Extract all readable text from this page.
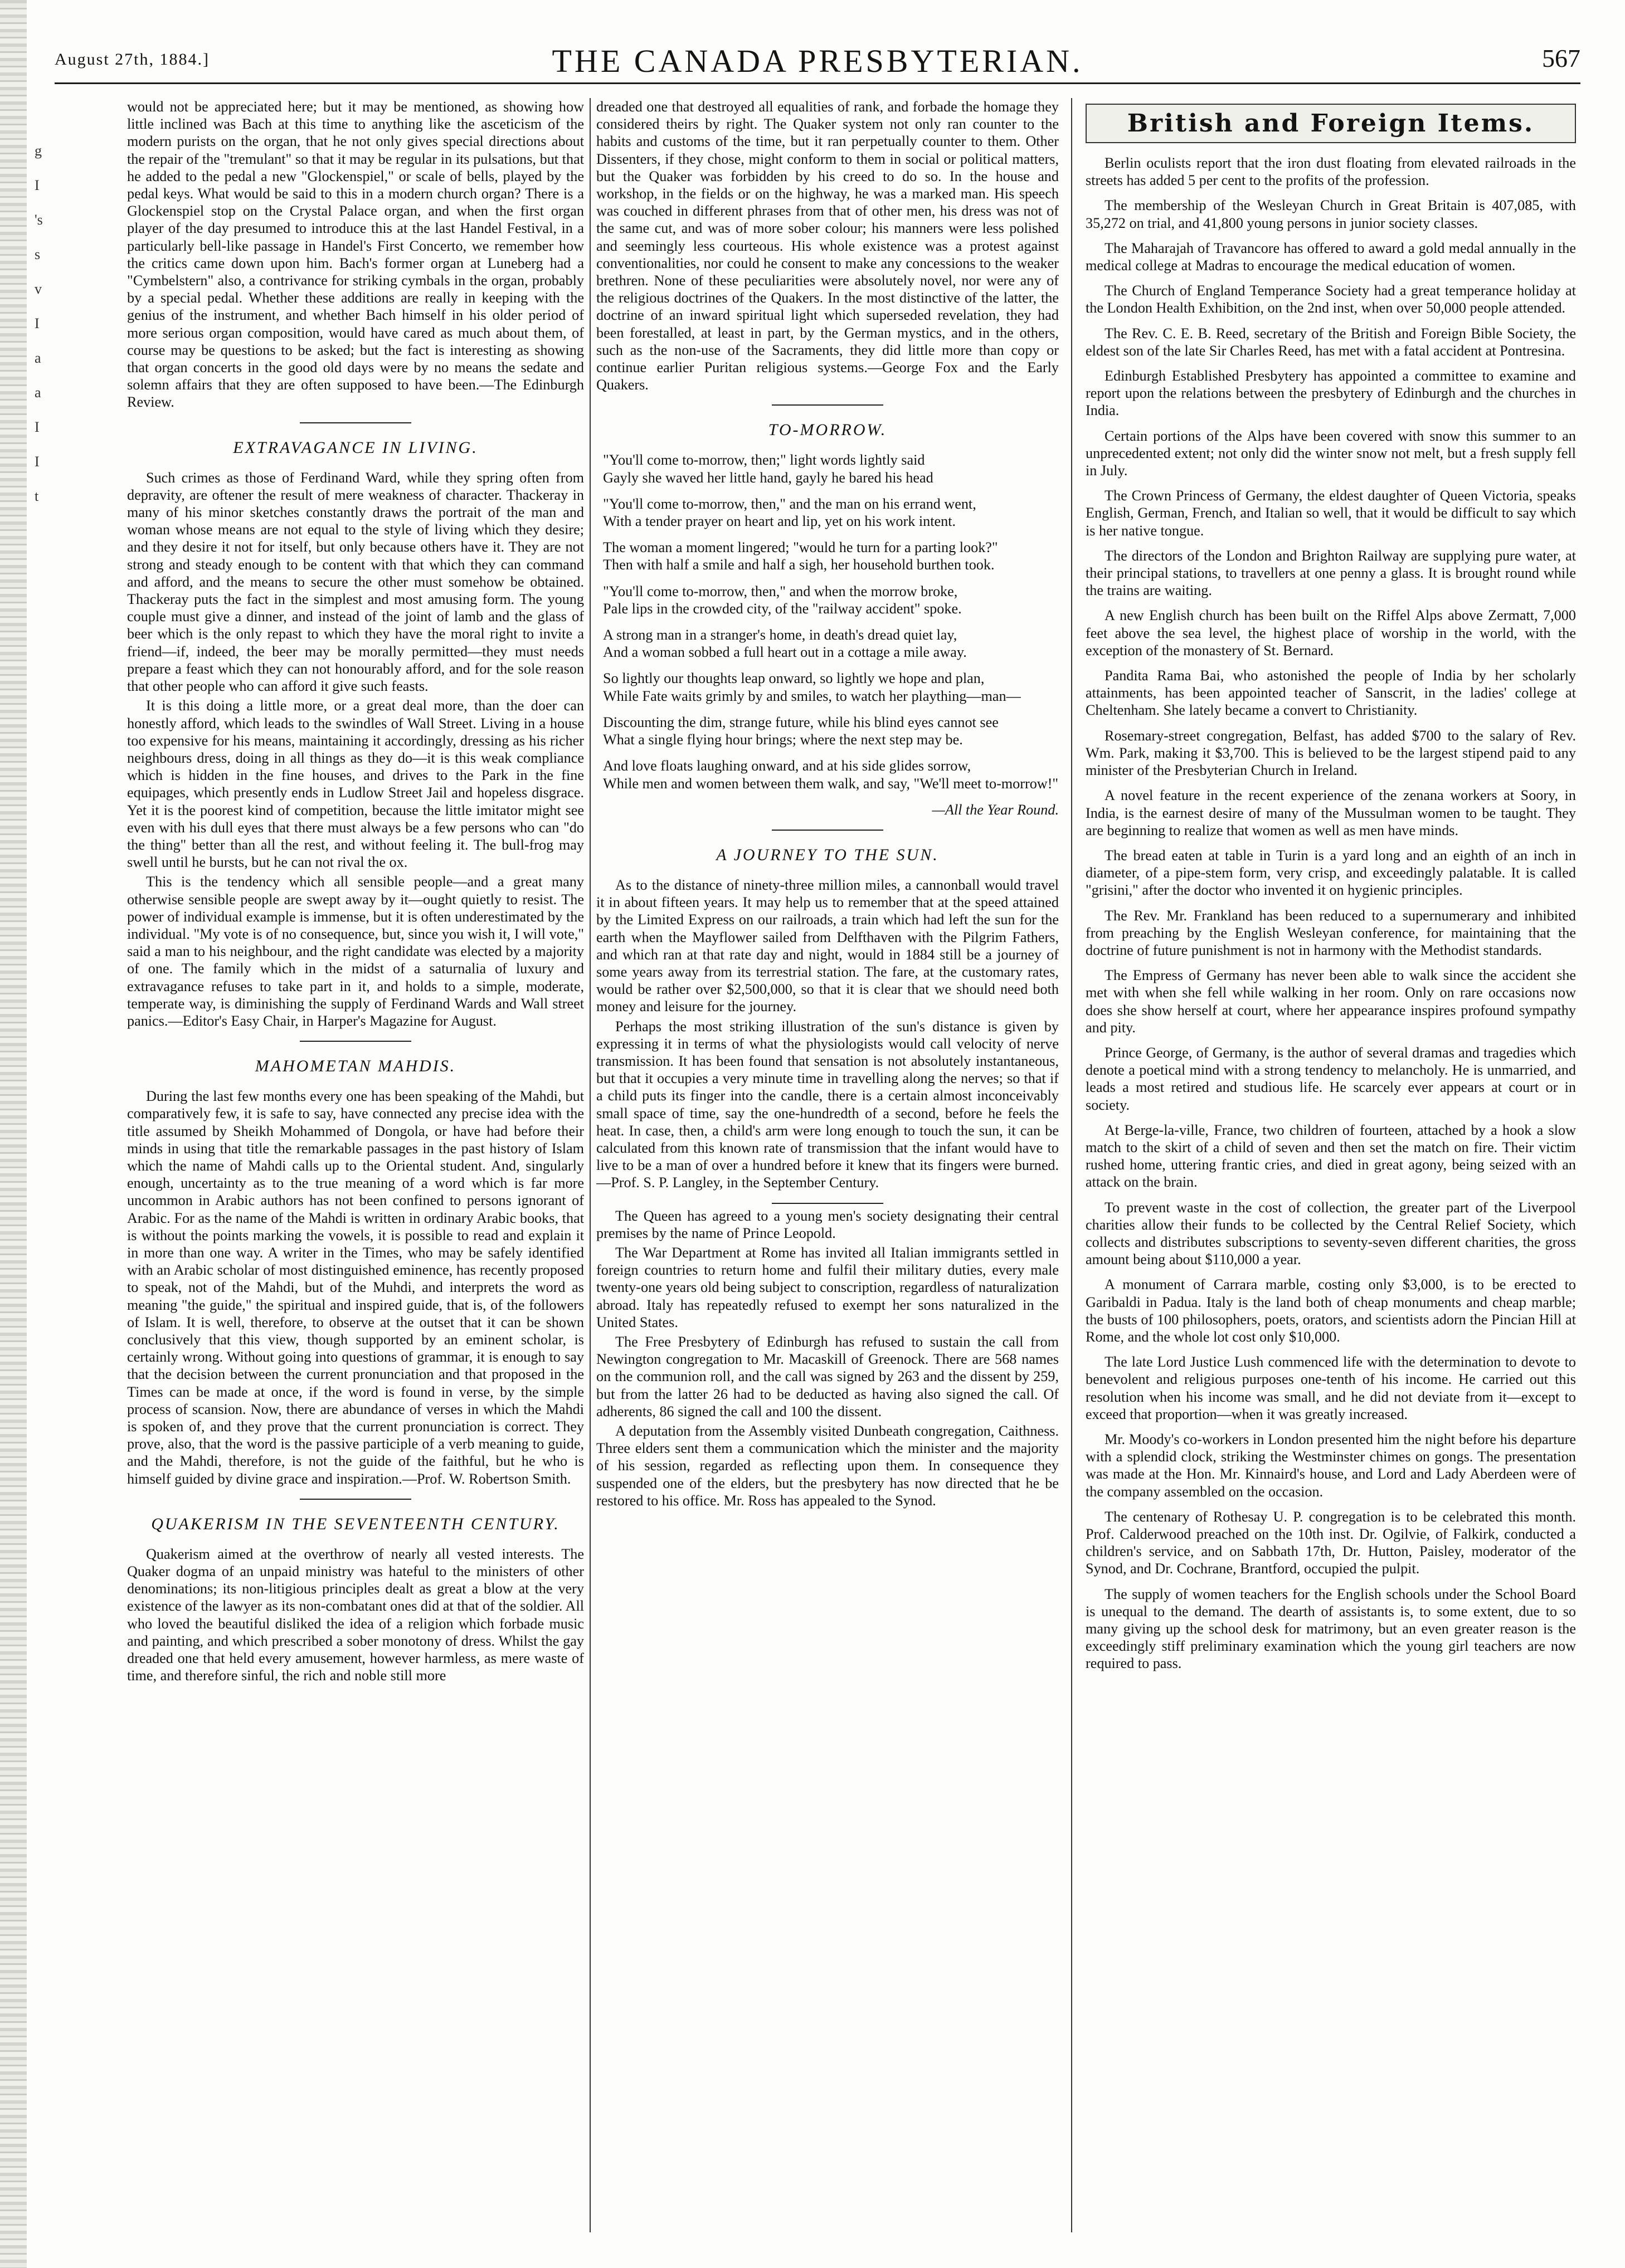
g
I
's
s
v
I
a
a
I
I
t
August 27th, 1884.]	THE CANADA PRESBYTERIAN.	567

would not be appreciated here; but it may be mentioned, as showing how little inclined was Bach at this time to anything like the asceticism of the modern purists on the organ, that he not only gives special directions about the repair of the "tremulant" so that it may be regular in its pulsations, but that he added to the pedal a new "Glockenspiel," or scale of bells, played by the pedal keys. What would be said to this in a modern church organ? There is a Glockenspiel stop on the Crystal Palace organ, and when the first organ player of the day presumed to introduce this at the last Handel Festival, in a particularly bell-like passage in Handel's First Concerto, we remember how the critics came down upon him. Bach's former organ at Luneberg had a "Cymbelstern" also, a contrivance for striking cymbals in the organ, probably by a special pedal. Whether these additions are really in keeping with the genius of the instrument, and whether Bach himself in his older period of more serious organ composition, would have cared as much about them, of course may be questions to be asked; but the fact is interesting as showing that organ concerts in the good old days were by no means the sedate and solemn affairs that they are often supposed to have been.—The Edinburgh Review.

EXTRAVAGANCE IN LIVING.

Such crimes as those of Ferdinand Ward, while they spring often from depravity, are oftener the result of mere weakness of character. Thackeray in many of his minor sketches constantly draws the portrait of the man and woman whose means are not equal to the style of living which they desire; and they desire it not for itself, but only because others have it. They are not strong and steady enough to be content with that which they can command and afford, and the means to secure the other must somehow be obtained. Thackeray puts the fact in the simplest and most amusing form. The young couple must give a dinner, and instead of the joint of lamb and the glass of beer which is the only repast to which they have the moral right to invite a friend—if, indeed, the beer may be morally permitted—they must needs prepare a feast which they can not honourably afford, and for the sole reason that other people who can afford it give such feasts.

It is this doing a little more, or a great deal more, than the doer can honestly afford, which leads to the swindles of Wall Street. Living in a house too expensive for his means, maintaining it accordingly, dressing as his richer neighbours dress, doing in all things as they do—it is this weak compliance which is hidden in the fine houses, and drives to the Park in the fine equipages, which presently ends in Ludlow Street Jail and hopeless disgrace. Yet it is the poorest kind of competition, because the little imitator might see even with his dull eyes that there must always be a few persons who can "do the thing" better than all the rest, and without feeling it. The bull-frog may swell until he bursts, but he can not rival the ox.

This is the tendency which all sensible people—and a great many otherwise sensible people are swept away by it—ought quietly to resist. The power of individual example is immense, but it is often underestimated by the individual. "My vote is of no consequence, but, since you wish it, I will vote," said a man to his neighbour, and the right candidate was elected by a majority of one. The family which in the midst of a saturnalia of luxury and extravagance refuses to take part in it, and holds to a simple, moderate, temperate way, is diminishing the supply of Ferdinand Wards and Wall street panics.—Editor's Easy Chair, in Harper's Magazine for August.

MAHOMETAN MAHDIS.

During the last few months every one has been speaking of the Mahdi, but comparatively few, it is safe to say, have connected any precise idea with the title assumed by Sheikh Mohammed of Dongola, or have had before their minds in using that title the remarkable passages in the past history of Islam which the name of Mahdi calls up to the Oriental student. And, singularly enough, uncertainty as to the true meaning of a word which is far more uncommon in Arabic authors has not been confined to persons ignorant of Arabic. For as the name of the Mahdi is written in ordinary Arabic books, that is without the points marking the vowels, it is possible to read and explain it in more than one way. A writer in the Times, who may be safely identified with an Arabic scholar of most distinguished eminence, has recently proposed to speak, not of the Mahdi, but of the Muhdi, and interprets the word as meaning "the guide," the spiritual and inspired guide, that is, of the followers of Islam. It is well, therefore, to observe at the outset that it can be shown conclusively that this view, though supported by an eminent scholar, is certainly wrong. Without going into questions of grammar, it is enough to say that the decision between the current pronunciation and that proposed in the Times can be made at once, if the word is found in verse, by the simple process of scansion. Now, there are abundance of verses in which the Mahdi is spoken of, and they prove that the current pronunciation is correct. They prove, also, that the word is the passive participle of a verb meaning to guide, and the Mahdi, therefore, is not the guide of the faithful, but he who is himself guided by divine grace and inspiration.—Prof. W. Robertson Smith.

QUAKERISM IN THE SEVENTEENTH CENTURY.

Quakerism aimed at the overthrow of nearly all vested interests. The Quaker dogma of an unpaid ministry was hateful to the ministers of other denominations; its non-litigious principles dealt as great a blow at the very existence of the lawyer as its non-combatant ones did at that of the soldier. All who loved the beautiful disliked the idea of a religion which forbade music and painting, and which prescribed a sober monotony of dress. Whilst the gay dreaded one that held every amusement, however harmless, as mere waste of time, and therefore sinful, the rich and noble still more

dreaded one that destroyed all equalities of rank, and forbade the homage they considered theirs by right. The Quaker system not only ran counter to the habits and customs of the time, but it ran perpetually counter to them. Other Dissenters, if they chose, might conform to them in social or political matters, but the Quaker was forbidden by his creed to do so. In the house and workshop, in the fields or on the highway, he was a marked man. His speech was couched in different phrases from that of other men, his dress was not of the same cut, and was of more sober colour; his manners were less polished and seemingly less courteous. His whole existence was a protest against conventionalities, nor could he consent to make any concessions to the weaker brethren. None of these peculiarities were absolutely novel, nor were any of the religious doctrines of the Quakers. In the most distinctive of the latter, the doctrine of an inward spiritual light which superseded revelation, they had been forestalled, at least in part, by the German mystics, and in the others, such as the non-use of the Sacraments, they did little more than copy or continue earlier Puritan religious systems.—George Fox and the Early Quakers.

TO-MORROW.
"You'll come to-morrow, then;" light words lightly said
Gayly she waved her little hand, gayly he bared his head
"You'll come to-morrow, then," and the man on his errand went,
With a tender prayer on heart and lip, yet on his work intent.
The woman a moment lingered; "would he turn for a parting look?"
Then with half a smile and half a sigh, her household burthen took.
"You'll come to-morrow, then," and when the morrow broke,
Pale lips in the crowded city, of the "railway accident" spoke.
A strong man in a stranger's home, in death's dread quiet lay,
And a woman sobbed a full heart out in a cottage a mile away.
So lightly our thoughts leap onward, so lightly we hope and plan,
While Fate waits grimly by and smiles, to watch her plaything—man—
Discounting the dim, strange future, while his blind eyes cannot see
What a single flying hour brings; where the next step may be.
And love floats laughing onward, and at his side glides sorrow,
While men and women between them walk, and say, "We'll meet to-morrow!"

—All the Year Round.

A JOURNEY TO THE SUN.

As to the distance of ninety-three million miles, a cannonball would travel it in about fifteen years. It may help us to remember that at the speed attained by the Limited Express on our railroads, a train which had left the sun for the earth when the Mayflower sailed from Delfthaven with the Pilgrim Fathers, and which ran at that rate day and night, would in 1884 still be a journey of some years away from its terrestrial station. The fare, at the customary rates, would be rather over $2,500,000, so that it is clear that we should need both money and leisure for the journey.

Perhaps the most striking illustration of the sun's distance is given by expressing it in terms of what the physiologists would call velocity of nerve transmission. It has been found that sensation is not absolutely instantaneous, but that it occupies a very minute time in travelling along the nerves; so that if a child puts its finger into the candle, there is a certain almost inconceivably small space of time, say the one-hundredth of a second, before he feels the heat. In case, then, a child's arm were long enough to touch the sun, it can be calculated from this known rate of transmission that the infant would have to live to be a man of over a hundred before it knew that its fingers were burned.—Prof. S. P. Langley, in the September Century.

The Queen has agreed to a young men's society designating their central premises by the name of Prince Leopold.

The War Department at Rome has invited all Italian immigrants settled in foreign countries to return home and fulfil their military duties, every male twenty-one years old being subject to conscription, regardless of naturalization abroad. Italy has repeatedly refused to exempt her sons naturalized in the United States.

The Free Presbytery of Edinburgh has refused to sustain the call from Newington congregation to Mr. Macaskill of Greenock. There are 568 names on the communion roll, and the call was signed by 263 and the dissent by 259, but from the latter 26 had to be deducted as having also signed the call. Of adherents, 86 signed the call and 100 the dissent.

A deputation from the Assembly visited Dunbeath congregation, Caithness. Three elders sent them a communication which the minister and the majority of his session, regarded as reflecting upon them. In consequence they suspended one of the elders, but the presbytery has now directed that he be restored to his office. Mr. Ross has appealed to the Synod.

British and Foreign Items.

Berlin oculists report that the iron dust floating from elevated railroads in the streets has added 5 per cent to the profits of the profession.

The membership of the Wesleyan Church in Great Britain is 407,085, with 35,272 on trial, and 41,800 young persons in junior society classes.

The Maharajah of Travancore has offered to award a gold medal annually in the medical college at Madras to encourage the medical education of women.

The Church of England Temperance Society had a great temperance holiday at the London Health Exhibition, on the 2nd inst, when over 50,000 people attended.

The Rev. C. E. B. Reed, secretary of the British and Foreign Bible Society, the eldest son of the late Sir Charles Reed, has met with a fatal accident at Pontresina.

Edinburgh Established Presbytery has appointed a committee to examine and report upon the relations between the presbytery of Edinburgh and the churches in India.

Certain portions of the Alps have been covered with snow this summer to an unprecedented extent; not only did the winter snow not melt, but a fresh supply fell in July.

The Crown Princess of Germany, the eldest daughter of Queen Victoria, speaks English, German, French, and Italian so well, that it would be difficult to say which is her native tongue.

The directors of the London and Brighton Railway are supplying pure water, at their principal stations, to travellers at one penny a glass. It is brought round while the trains are waiting.

A new English church has been built on the Riffel Alps above Zermatt, 7,000 feet above the sea level, the highest place of worship in the world, with the exception of the monastery of St. Bernard.

Pandita Rama Bai, who astonished the people of India by her scholarly attainments, has been appointed teacher of Sanscrit, in the ladies' college at Cheltenham. She lately became a convert to Christianity.

Rosemary-street congregation, Belfast, has added $700 to the salary of Rev. Wm. Park, making it $3,700. This is believed to be the largest stipend paid to any minister of the Presbyterian Church in Ireland.

A novel feature in the recent experience of the zenana workers at Soory, in India, is the earnest desire of many of the Mussulman women to be taught. They are beginning to realize that women as well as men have minds.

The bread eaten at table in Turin is a yard long and an eighth of an inch in diameter, of a pipe-stem form, very crisp, and exceedingly palatable. It is called "grisini," after the doctor who invented it on hygienic principles.

The Rev. Mr. Frankland has been reduced to a supernumerary and inhibited from preaching by the English Wesleyan conference, for maintaining that the doctrine of future punishment is not in harmony with the Methodist standards.

The Empress of Germany has never been able to walk since the accident she met with when she fell while walking in her room. Only on rare occasions now does she show herself at court, where her appearance inspires profound sympathy and pity.

Prince George, of Germany, is the author of several dramas and tragedies which denote a poetical mind with a strong tendency to melancholy. He is unmarried, and leads a most retired and studious life. He scarcely ever appears at court or in society.

At Berge-la-ville, France, two children of fourteen, attached by a hook a slow match to the skirt of a child of seven and then set the match on fire. Their victim rushed home, uttering frantic cries, and died in great agony, being seized with an attack on the brain.

To prevent waste in the cost of collection, the greater part of the Liverpool charities allow their funds to be collected by the Central Relief Society, which collects and distributes subscriptions to seventy-seven different charities, the gross amount being about $110,000 a year.

A monument of Carrara marble, costing only $3,000, is to be erected to Garibaldi in Padua. Italy is the land both of cheap monuments and cheap marble; the busts of 100 philosophers, poets, orators, and scientists adorn the Pincian Hill at Rome, and the whole lot cost only $10,000.

The late Lord Justice Lush commenced life with the determination to devote to benevolent and religious purposes one-tenth of his income. He carried out this resolution when his income was small, and he did not deviate from it—except to exceed that proportion—when it was greatly increased.

Mr. Moody's co-workers in London presented him the night before his departure with a splendid clock, striking the Westminster chimes on gongs. The presentation was made at the Hon. Mr. Kinnaird's house, and Lord and Lady Aberdeen were of the company assembled on the occasion.

The centenary of Rothesay U. P. congregation is to be celebrated this month. Prof. Calderwood preached on the 10th inst. Dr. Ogilvie, of Falkirk, conducted a children's service, and on Sabbath 17th, Dr. Hutton, Paisley, moderator of the Synod, and Dr. Cochrane, Brantford, occupied the pulpit.

The supply of women teachers for the English schools under the School Board is unequal to the demand. The dearth of assistants is, to some extent, due to so many giving up the school desk for matrimony, but an even greater reason is the exceedingly stiff preliminary examination which the young girl teachers are now required to pass.
